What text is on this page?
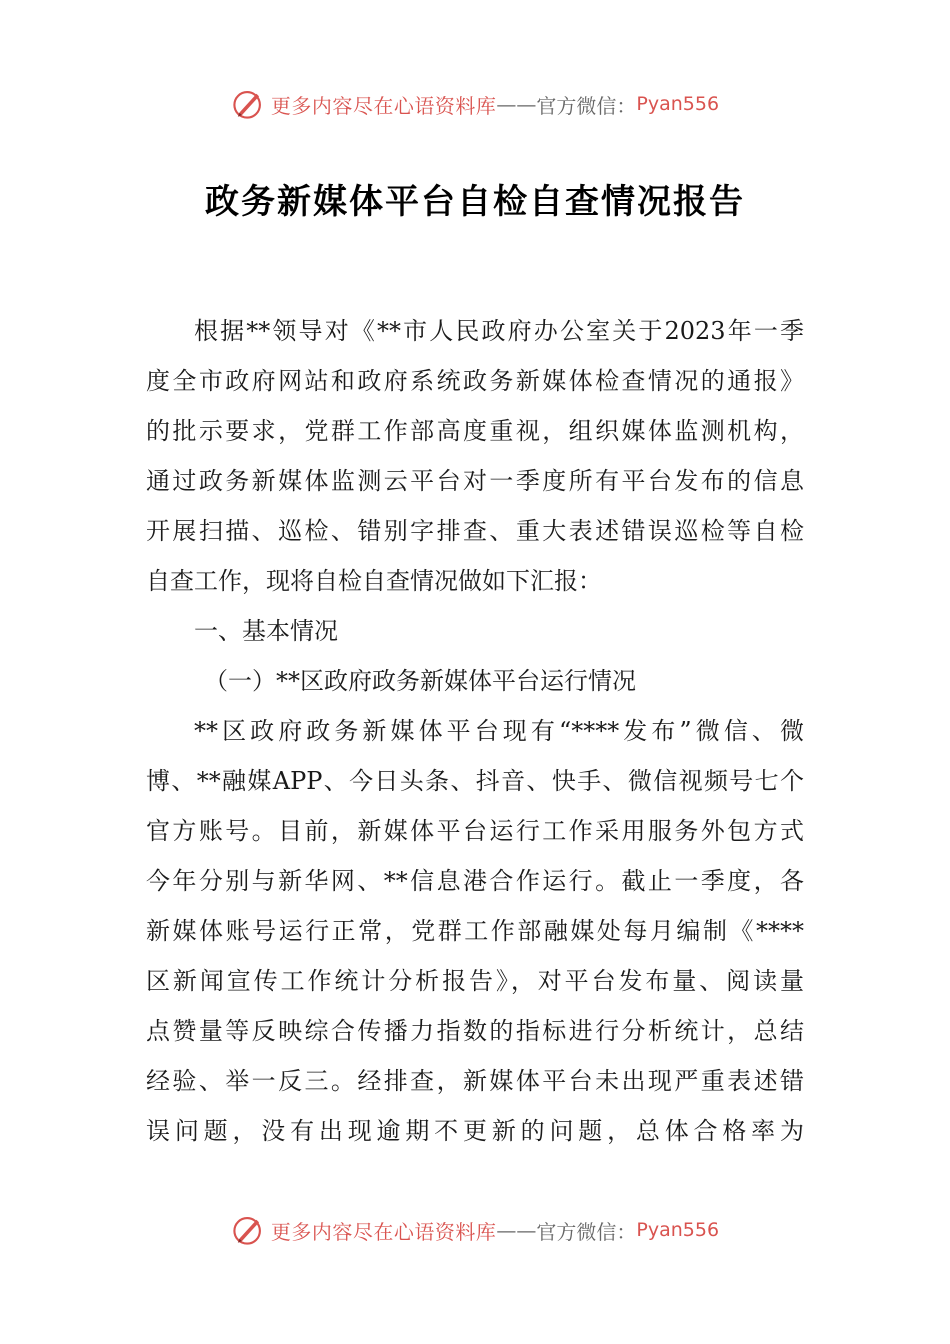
更多内容尽在心语资料库 —— 官方微信： Pyan556
政务新媒体平台自检自查情况报告
根据**领导对《**市人民政府办公室关于2023年一季
度全市政府网站和政府系统政务新媒体检查情况的通报》
的批示要求，党群工作部高度重视，组织媒体监测机构，
通过政务新媒体监测云平台对一季度所有平台发布的信息
开展扫描、巡检、错别字排查、重大表述错误巡检等自检
自查工作，现将自检自查情况做如下汇报：
一、基本情况
（一）**区政府政务新媒体平台运行情况
**区政府政务新媒体平台现有“****发布”微信、微
博、**融媒APP、今日头条、抖音、快手、微信视频号七个
官方账号。目前，新媒体平台运行工作采用服务外包方式
今年分别与新华网、**信息港合作运行。截止一季度，各
新媒体账号运行正常，党群工作部融媒处每月编制《****
区新闻宣传工作统计分析报告》，对平台发布量、阅读量
点赞量等反映综合传播力指数的指标进行分析统计，总结
经验、举一反三。经排查，新媒体平台未出现严重表述错
误问题，没有出现逾期不更新的问题，总体合格率为
更多内容尽在心语资料库 —— 官方微信： Pyan556
